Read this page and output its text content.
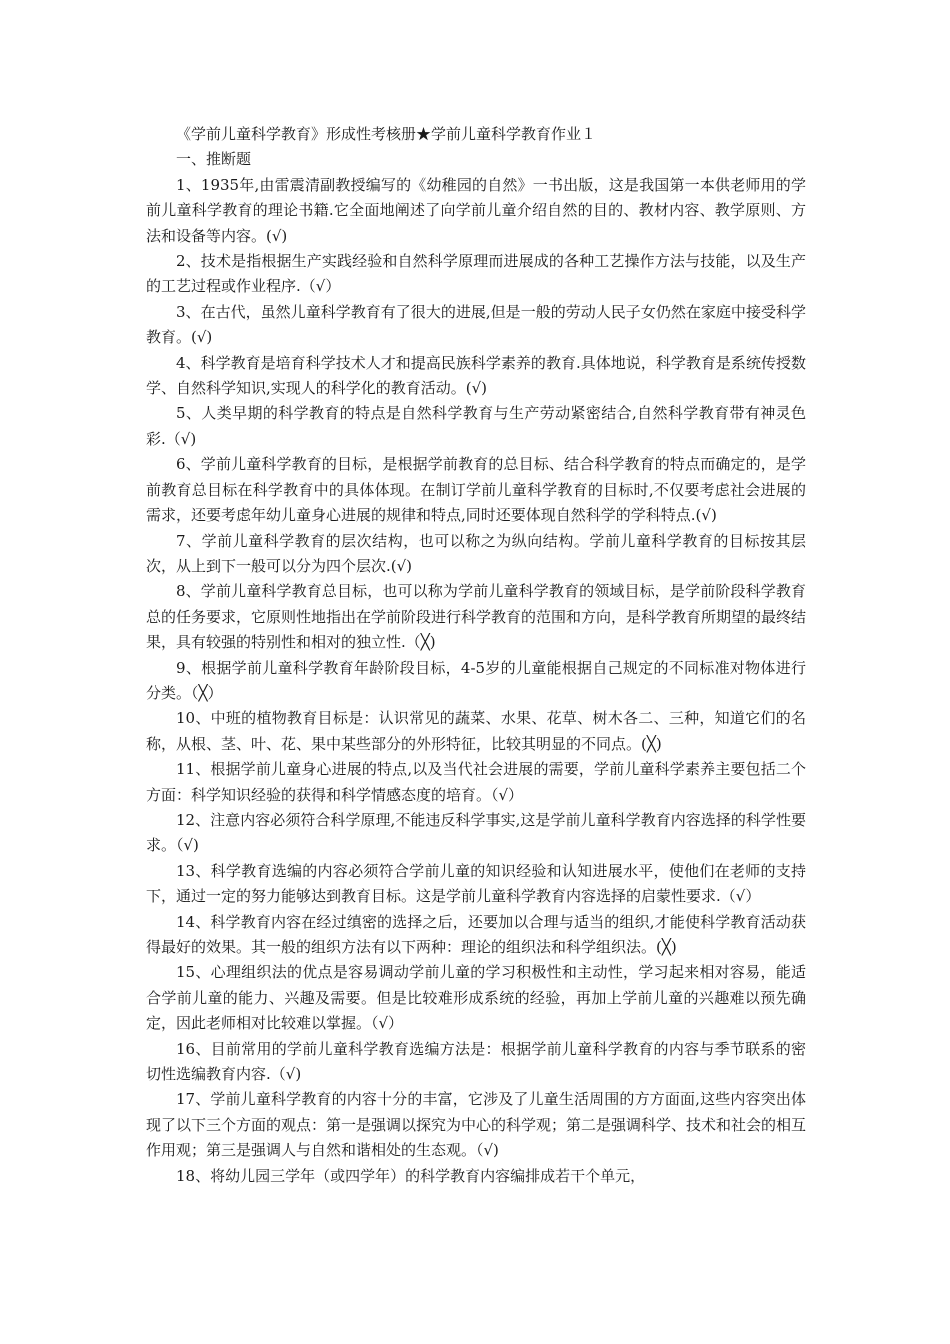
《学前儿童科学教育》形成性考核册★学前儿童科学教育作业１
一、推断题
1、1935年,由雷震清副教授编写的《幼稚园的自然》一书出版，这是我国第一本供老师用的学前儿童科学教育的理论书籍.它全面地阐述了向学前儿童介绍自然的目的、教材内容、教学原则、方法和设备等内容。(√)
2、技术是指根据生产实践经验和自然科学原理而进展成的各种工艺操作方法与技能，以及生产的工艺过程或作业程序.（√）
3、在古代，虽然儿童科学教育有了很大的进展,但是一般的劳动人民子女仍然在家庭中接受科学教育。(√)
4、科学教育是培育科学技术人才和提高民族科学素养的教育.具体地说，科学教育是系统传授数学、自然科学知识,实现人的科学化的教育活动。(√)
5、人类早期的科学教育的特点是自然科学教育与生产劳动紧密结合,自然科学教育带有神灵色彩.（√)
6、学前儿童科学教育的目标，是根据学前教育的总目标、结合科学教育的特点而确定的，是学前教育总目标在科学教育中的具体体现。在制订学前儿童科学教育的目标时,不仅要考虑社会进展的需求，还要考虑年幼儿童身心进展的规律和特点,同时还要体现自然科学的学科特点.(√)
7、学前儿童科学教育的层次结构，也可以称之为纵向结构。学前儿童科学教育的目标按其层次，从上到下一般可以分为四个层次.(√)
8、学前儿童科学教育总目标，也可以称为学前儿童科学教育的领域目标，是学前阶段科学教育总的任务要求，它原则性地指出在学前阶段进行科学教育的范围和方向，是科学教育所期望的最终结果，具有较强的特别性和相对的独立性.（╳)
9、根据学前儿童科学教育年龄阶段目标，4-5岁的儿童能根据自己规定的不同标准对物体进行分类。（╳）
10、中班的植物教育目标是：认识常见的蔬菜、水果、花草、树木各二、三种，知道它们的名称，从根、茎、叶、花、果中某些部分的外形特征，比较其明显的不同点。(╳)
11、根据学前儿童身心进展的特点,以及当代社会进展的需要，学前儿童科学素养主要包括二个方面：科学知识经验的获得和科学情感态度的培育。（√）
12、注意内容必须符合科学原理,不能违反科学事实,这是学前儿童科学教育内容选择的科学性要求。（√)
13、科学教育选编的内容必须符合学前儿童的知识经验和认知进展水平，使他们在老师的支持下，通过一定的努力能够达到教育目标。这是学前儿童科学教育内容选择的启蒙性要求.（√）
14、科学教育内容在经过缜密的选择之后，还要加以合理与适当的组织,才能使科学教育活动获得最好的效果。其一般的组织方法有以下两种：理论的组织法和科学组织法。(╳)
15、心理组织法的优点是容易调动学前儿童的学习积极性和主动性，学习起来相对容易，能适合学前儿童的能力、兴趣及需要。但是比较难形成系统的经验，再加上学前儿童的兴趣难以预先确定，因此老师相对比较难以掌握。（√）
16、目前常用的学前儿童科学教育选编方法是：根据学前儿童科学教育的内容与季节联系的密切性选编教育内容.（√)
17、学前儿童科学教育的内容十分的丰富，它涉及了儿童生活周围的方方面面,这些内容突出体现了以下三个方面的观点：第一是强调以探究为中心的科学观；第二是强调科学、技术和社会的相互作用观；第三是强调人与自然和谐相处的生态观。（√)
18、将幼儿园三学年（或四学年）的科学教育内容编排成若干个单元，
